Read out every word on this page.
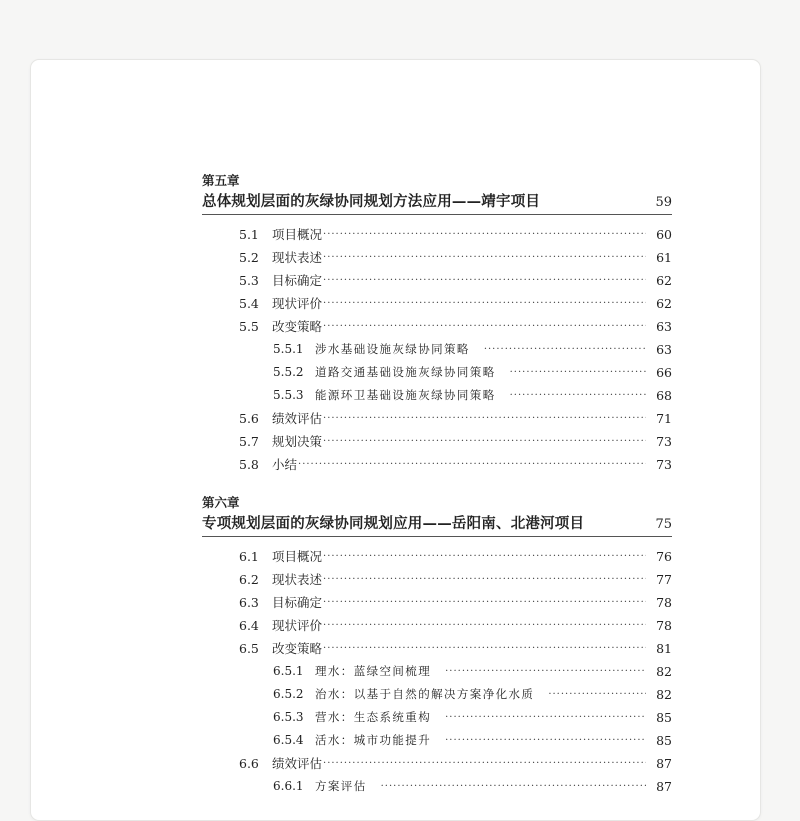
第五章
总体规划层面的灰绿协同规划方法应用——靖宇项目	59
5.1	项目概况 ·····	60
5.2	现状表述 ·····	61
5.3	目标确定 ·····	62
5.4	现状评价 ·····	62
5.5	改变策略 ·····	63
5.5.1 涉水基础设施灰绿协同策略 ·····	63
5.5.2 道路交通基础设施灰绿协同策略 ·····	66
5.5.3 能源环卫基础设施灰绿协同策略 ·····	68
5.6	绩效评估 ·····	71
5.7	规划决策 ·····	73
5.8	小结 ·····	73
第六章
专项规划层面的灰绿协同规划应用——岳阳南、北港河项目	75
6.1	项目概况 ·····	76
6.2	现状表述 ·····	77
6.3	目标确定 ·····	78
6.4	现状评价 ·····	78
6.5	改变策略 ·····	81
6.5.1 理水：蓝绿空间梳理 ·····	82
6.5.2 治水：以基于自然的解决方案净化水质 ·····	82
6.5.3 营水：生态系统重构 ·····	85
6.5.4 活水：城市功能提升 ·····	85
6.6	绩效评估 ·····	87
6.6.1 方案评估 ·····	87
